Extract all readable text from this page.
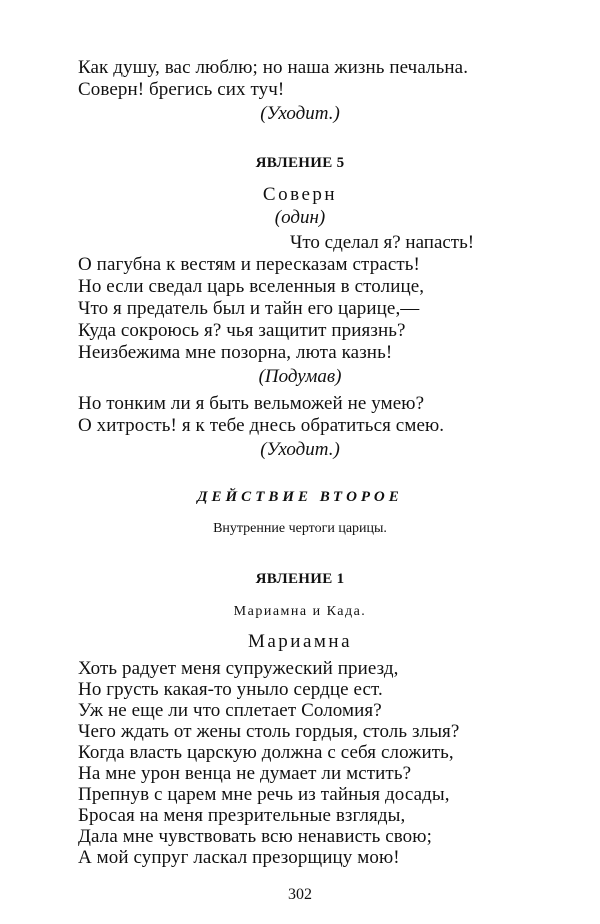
Как душу, вас люблю; но наша жизнь печальна.
Соверн! брегись сих туч!
(Уходит.)
ЯВЛЕНИЕ 5
Соверн
(один)
Что сделал я? напасть!
О пагубна к вестям и пересказам страсть!
Но если сведал царь вселенныя в столице,
Что я предатель был и тайн его царице,—
Куда сокроюсь я? чья защитит приязнь?
Неизбежима мне позорна, люта казнь!
(Подумав)
Но тонким ли я быть вельможей не умею?
О хитрость! я к тебе днесь обратиться смею.
(Уходит.)
ДЕЙСТВИЕ ВТОРОЕ
Внутренние чертоги царицы.
ЯВЛЕНИЕ 1
Мариамна и Када.
Мариамна
Хоть радует меня супружеский приезд,
Но грусть какая-то уныло сердце ест.
Уж не еще ли что сплетает Соломия?
Чего ждать от жены столь гордыя, столь злыя?
Когда власть царскую должна с себя сложить,
На мне урон венца не думает ли мстить?
Препнув с царем мне речь из тайныя досады,
Бросая на меня презрительные взгляды,
Дала мне чувствовать всю ненависть свою;
А мой супруг ласкал презорщицу мою!
302
